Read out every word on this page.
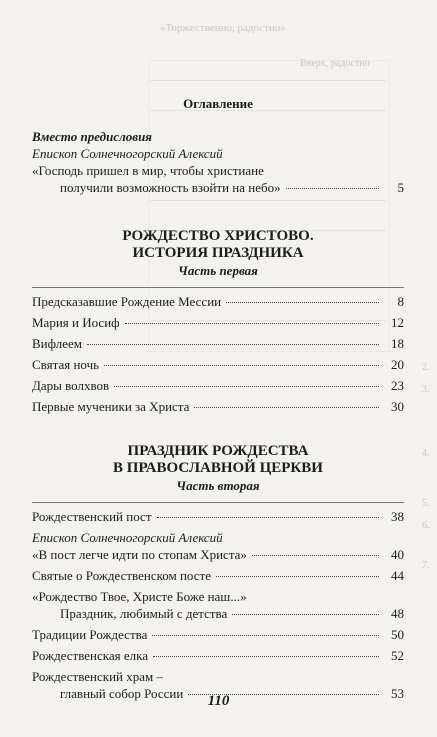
«Торжественно, радостно»
Вверх, радостно
2.
3.
4.
5.
6.
7.
Оглавление
Вместо предисловия
Епископ Солнечногорский Алексий
«Господь пришел в мир, чтобы христиане
получили возможность взойти на небо»	5
РОЖДЕСТВО ХРИСТОВО.
ИСТОРИЯ ПРАЗДНИКА
Часть первая
Предсказавшие Рождение Мессии	8
Мария и Иосиф	12
Вифлеем	18
Святая ночь	20
Дары волхвов	23
Первые мученики за Христа	30
ПРАЗДНИК РОЖДЕСТВА
В ПРАВОСЛАВНОЙ ЦЕРКВИ
Часть вторая
Рождественский пост	38
Епископ Солнечногорский Алексий
«В пост легче идти по стопам Христа»	40
Святые о Рождественском посте	44
«Рождество Твое, Христе Боже наш...»
Праздник, любимый с детства	48
Традиции Рождества	50
Рождественская елка	52
Рождественский храм –
главный собор России	53
110
